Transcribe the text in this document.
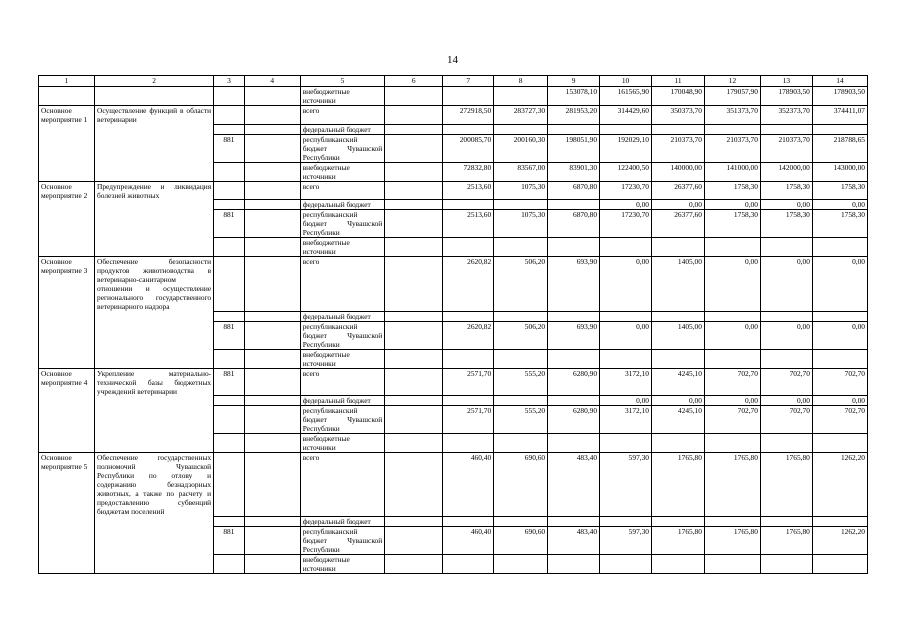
14
1	2	3	4	5	6	7	8	9	10	11	12	13	14
				внебюджетные источники				153078,10	161565,90	170048,90	179057,90	178903,50	178903,50
Основное мероприятие 1	Осуществление функций в области ветеринарии			всего		272918,50	283727,30	281953,20	314429,60	350373,70	351373,70	352373,70	374411,07
				федеральный бюджет									
		881		республиканский бюджет Чувашской Республики		200085,70	200160,30	198051,90	192029,10	210373,70	210373,70	210373,70	218788,65
				внебюджетные источники		72832,80	83567,00	83901,30	122400,50	140000,00	141000,00	142000,00	143000,00
Основное мероприятие 2	Предупреждение и ликвидация болезней животных			всего		2513,60	1075,30	6870,80	17230,70	26377,60	1758,30	1758,30	1758,30
				федеральный бюджет					0,00	0,00	0,00	0,00	0,00
		881		республиканский бюджет Чувашской Республики		2513,60	1075,30	6870,80	17230,70	26377,60	1758,30	1758,30	1758,30
				внебюджетные источники									
Основное мероприятие 3	Обеспечение безопасности продуктов животноводства в ветеринарно-санитарном отношении и осуществление регионального государственного ветеринарного надзора			всего		2620,82	506,20	693,90	0,00	1405,00	0,00	0,00	0,00
				федеральный бюджет									
		881		республиканский бюджет Чувашской Республики		2620,82	506,20	693,90	0,00	1405,00	0,00	0,00	0,00
				внебюджетные источники									
Основное мероприятие 4	Укрепление материально-технической базы бюджетных учреждений ветеринарии	881		всего		2571,70	555,20	6280,90	3172,10	4245,10	702,70	702,70	702,70
				федеральный бюджет					0,00	0,00	0,00	0,00	0,00
				республиканский бюджет Чувашской Республики		2571,70	555,20	6280,90	3172,10	4245,10	702,70	702,70	702,70
				внебюджетные источники									
Основное мероприятие 5	Обеспечение государственных полномочий Чувашской Республики по отлову и содержанию безнадзорных животных, а также по расчету и предоставлению субвенций бюджетам поселений			всего		460,40	690,60	483,40	597,30	1765,80	1765,80	1765,80	1262,20
				федеральный бюджет									
		881		республиканский бюджет Чувашской Республики		460,40	690,60	483,40	597,30	1765,80	1765,80	1765,80	1262,20
				внебюджетные источники									
